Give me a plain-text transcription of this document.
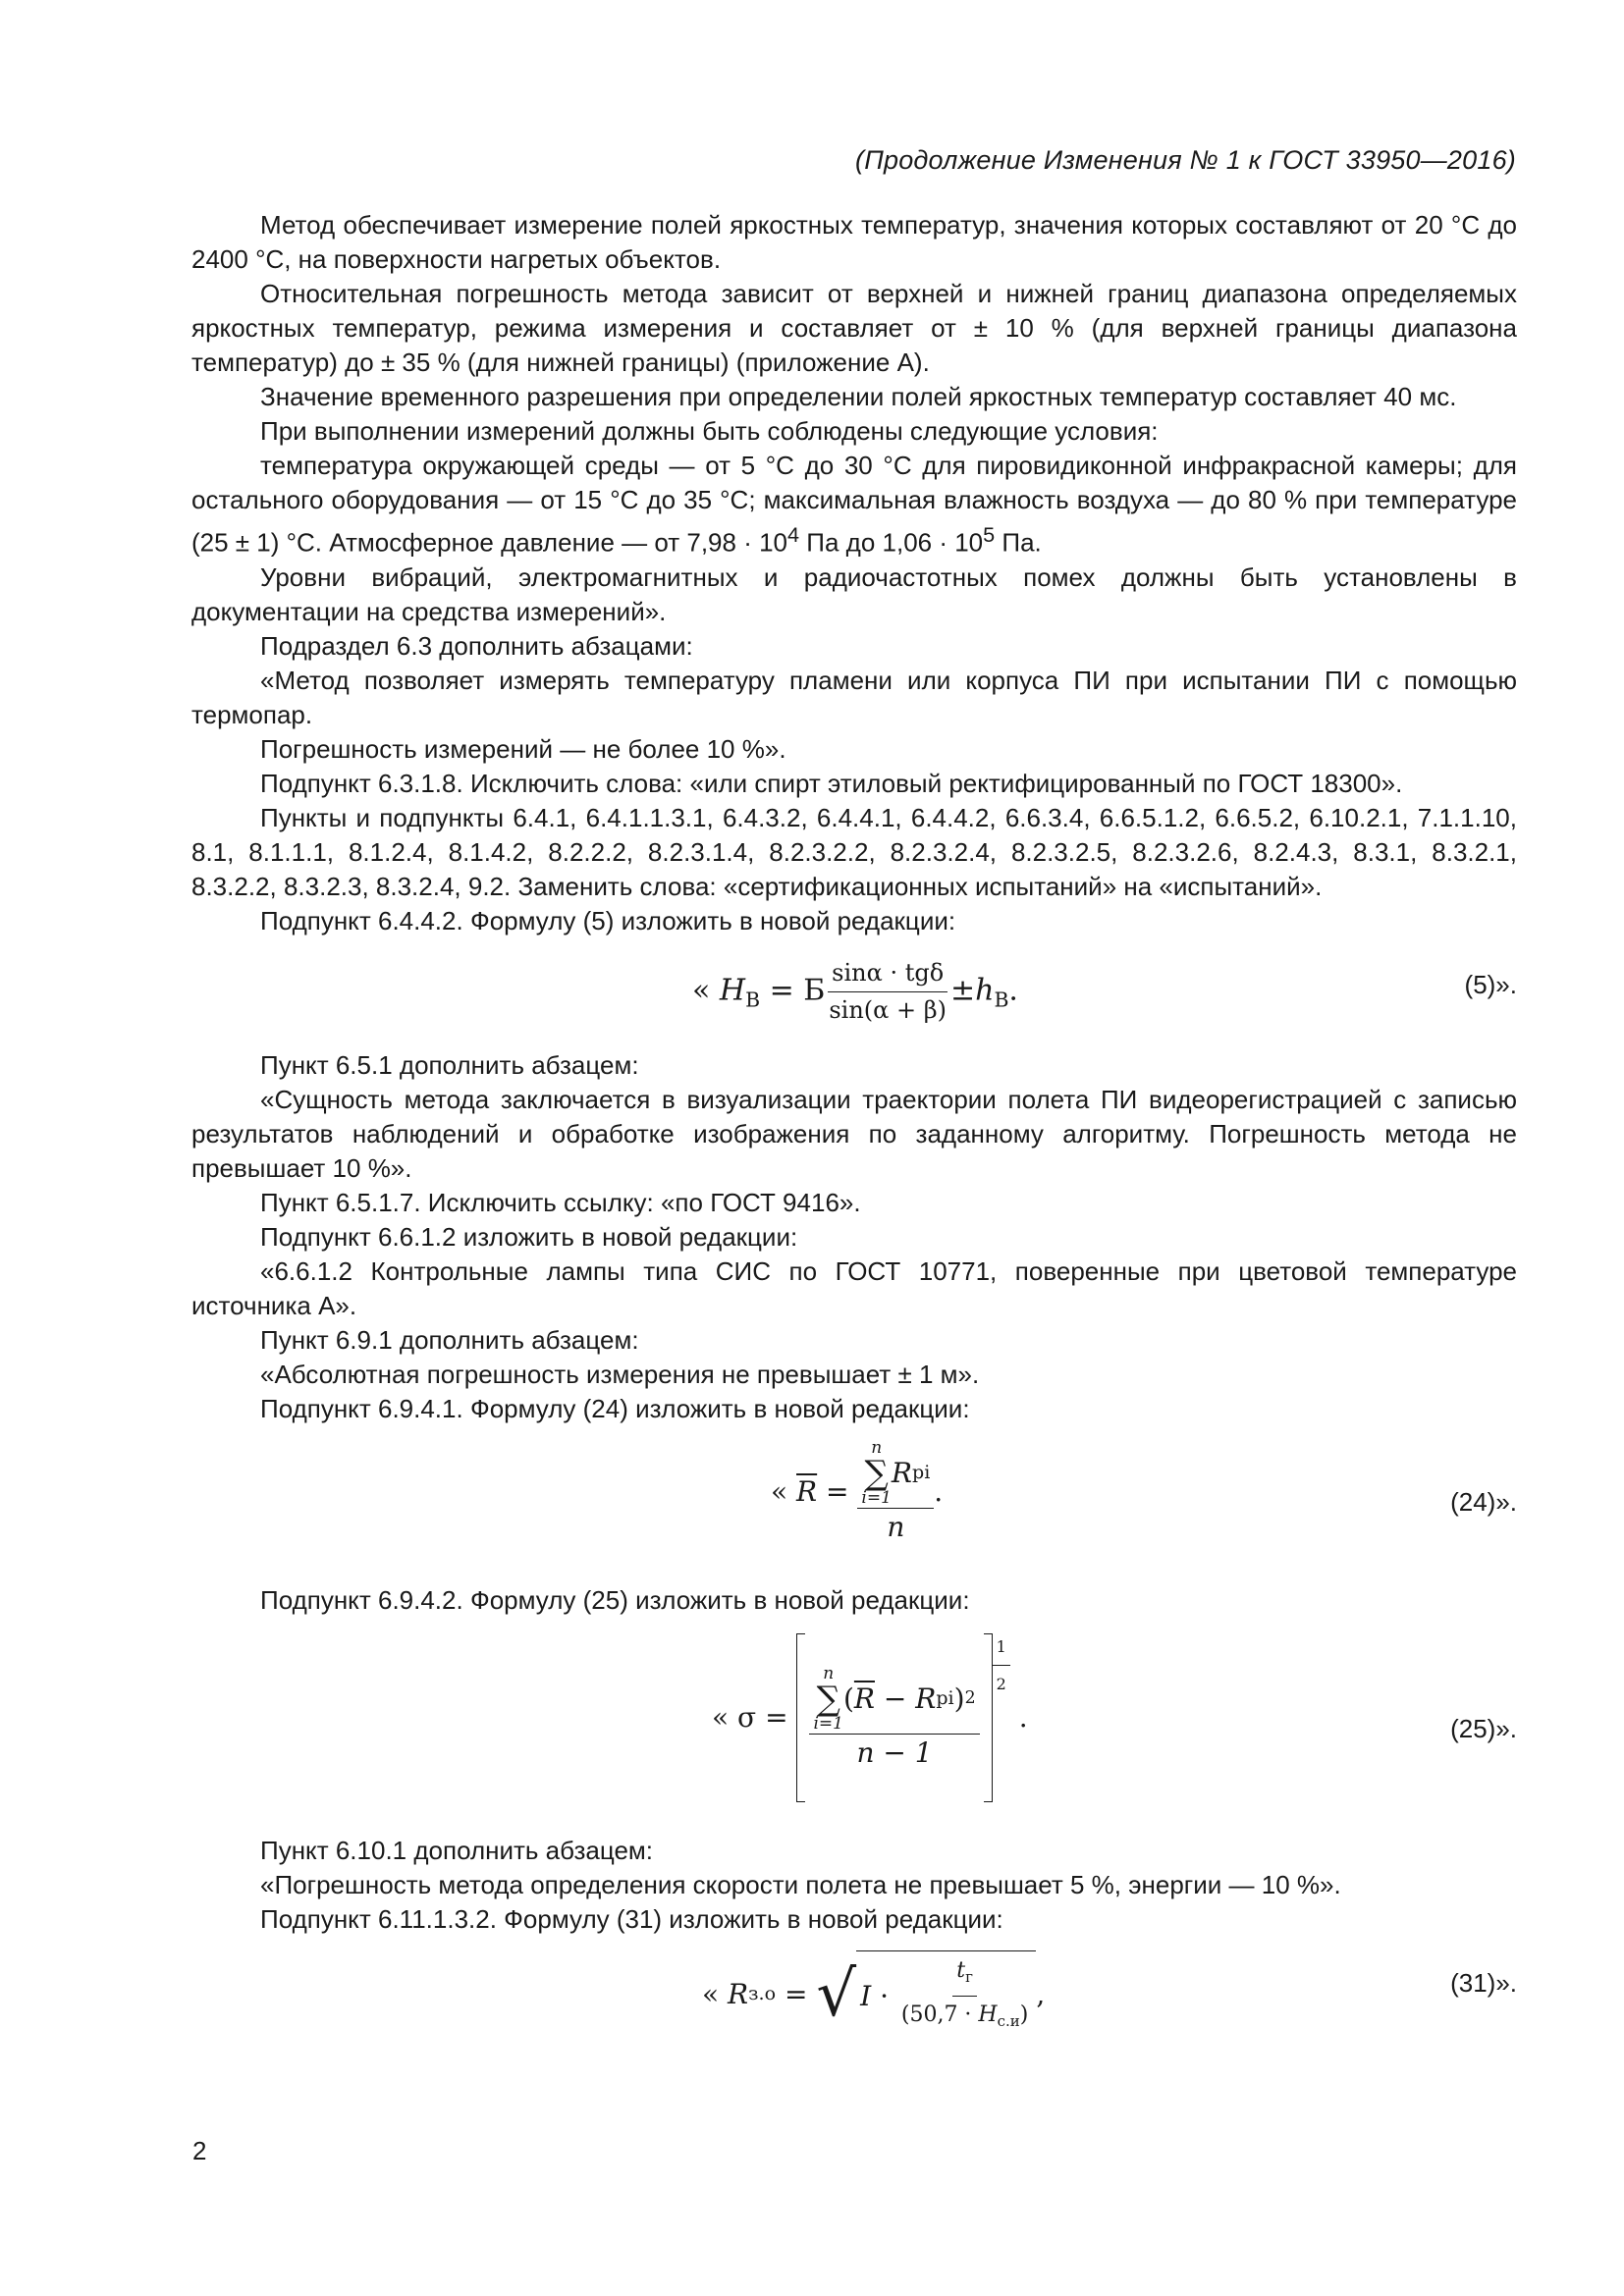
(Продолжение Изменения № 1 к ГОСТ 33950—2016)

Метод обеспечивает измерение полей яркостных температур, значения которых составляют от 20 °С до 2400 °С, на поверхности нагретых объектов.

Относительная погрешность метода зависит от верхней и нижней границ диапазона определяемых яркостных температур, режима измерения и составляет от ± 10 % (для верхней границы диапазона температур) до ± 35 % (для нижней границы) (приложение А).

Значение временного разрешения при определении полей яркостных температур составляет 40 мс.

При выполнении измерений должны быть соблюдены следующие условия:

температура окружающей среды — от 5 °С до 30 °С для пировидиконной инфракрасной камеры; для остального оборудования — от 15 °С до 35 °С; максимальная влажность воздуха — до 80 % при температуре (25 ± 1) °С. Атмосферное давление — от $7,98 \cdot 10^4$ Па до $1,06 \cdot 10^5$ Па.

Уровни вибраций, электромагнитных и радиочастотных помех должны быть установлены в документации на средства измерений».

Подраздел 6.3 дополнить абзацами:

«Метод позволяет измерять температуру пламени или корпуса ПИ при испытании ПИ с помощью термопар.

Погрешность измерений — не более 10 %».

Подпункт 6.3.1.8. Исключить слова: «или спирт этиловый ректифицированный по ГОСТ 18300».

Пункты и подпункты 6.4.1, 6.4.1.1.3.1, 6.4.3.2, 6.4.4.1, 6.4.4.2, 6.6.3.4, 6.6.5.1.2, 6.6.5.2, 6.10.2.1, 7.1.1.10, 8.1, 8.1.1.1, 8.1.2.4, 8.1.4.2, 8.2.2.2, 8.2.3.1.4, 8.2.3.2.2, 8.2.3.2.4, 8.2.3.2.5, 8.2.3.2.6, 8.2.4.3, 8.3.1, 8.3.2.1, 8.3.2.2, 8.3.2.3, 8.3.2.4, 9.2. Заменить слова: «сертификационных испытаний» на «испытаний».

Подпункт 6.4.4.2. Формулу (5) изложить в новой редакции:

« $H_В = Б \frac{\text{sinα · tgδ}}{\sin(\alpha + \beta)} \pm h_В$.	(5)».

Пункт 6.5.1 дополнить абзацем:

«Сущность метода заключается в визуализации траектории полета ПИ видеорегистрацией с записью результатов наблюдений и обработке изображения по заданному алгоритму. Погрешность метода не превышает 10 %».

Пункт 6.5.1.7. Исключить ссылку: «по ГОСТ 9416».

Подпункт 6.6.1.2 изложить в новой редакции:

«6.6.1.2 Контрольные лампы типа СИС по ГОСТ 10771, поверенные при цветовой температуре источника А».

Пункт 6.9.1 дополнить абзацем:

«Абсолютная погрешность измерения не превышает ± 1 м».

Подпункт 6.9.4.1. Формулу (24) изложить в новой редакции:

«
$\overline{R}$
=

n
∑
i=1
R pi
n
.	(24)».

Подпункт 6.9.4.2. Формулу (25) изложить в новой редакции:

«
σ
=

n
∑
i=1
( $\overline{R}$
−
R pi ) 2
n − 1
$\frac{1}{2}$

.	(25)».

Пункт 6.10.1 дополнить абзацем:

«Погрешность метода определения скорости полета не превышает 5 %, энергии — 10 %».

Подпункт 6.11.1.3.2. Формулу (31) изложить в новой редакции:

«
R з.о
=
√ I
·
$\frac{t_г}{(50,7 \cdot H_{с.и})}$ ,	(31)».
2
